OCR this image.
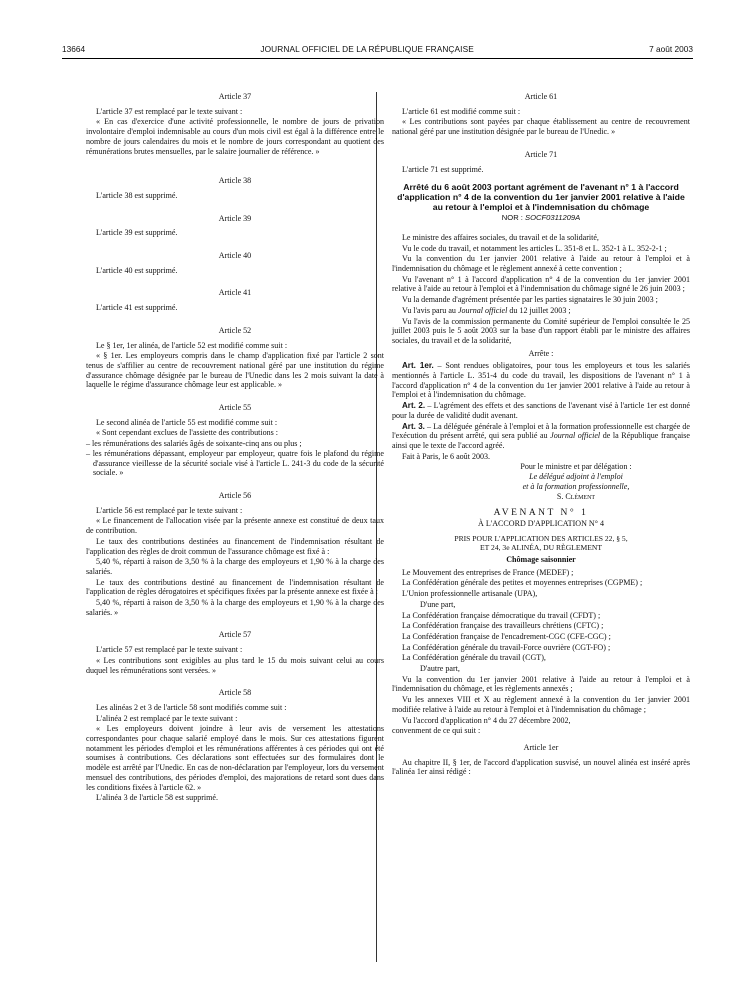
13664	JOURNAL OFFICIEL DE LA RÉPUBLIQUE FRANÇAISE	7 août 2003
Article 37

L'article 37 est remplacé par le texte suivant :

« En cas d'exercice d'une activité professionnelle, le nombre de jours de privation involontaire d'emploi indemnisable au cours d'un mois civil est égal à la différence entre le nombre de jours calendaires du mois et le nombre de jours correspondant au quotient des rémunérations brutes mensuelles, par le salaire journalier de référence. »

Article 38

L'article 38 est supprimé.

Article 39

L'article 39 est supprimé.

Article 40

L'article 40 est supprimé.

Article 41

L'article 41 est supprimé.

Article 52

Le § 1er, 1er alinéa, de l'article 52 est modifié comme suit :

« § 1er. Les employeurs compris dans le champ d'application fixé par l'article 2 sont tenus de s'affilier au centre de recouvrement national géré par une institution du régime d'assurance chômage désignée par le bureau de l'Unedic dans les 2 mois suivant la date à laquelle le régime d'assurance chômage leur est applicable. »

Article 55

Le second alinéa de l'article 55 est modifié comme suit :

« Sont cependant exclues de l'assiette des contributions :

– les rémunérations des salariés âgés de soixante-cinq ans ou plus ;
– les rémunérations dépassant, employeur par employeur, quatre fois le plafond du régime d'assurance vieillesse de la sécurité sociale visé à l'article L. 241-3 du code de la sécurité sociale. »
Article 56

L'article 56 est remplacé par le texte suivant :

« Le financement de l'allocation visée par la présente annexe est constitué de deux taux de contribution.

Le taux des contributions destinées au financement de l'indemnisation résultant de l'application des règles de droit commun de l'assurance chômage est fixé à :

5,40 %, réparti à raison de 3,50 % à la charge des employeurs et 1,90 % à la charge des salariés.

Le taux des contributions destiné au financement de l'indemnisation résultant de l'application de règles dérogatoires et spécifiques fixées par la présente annexe est fixée à :

5,40 %, réparti à raison de 3,50 % à la charge des employeurs et 1,90 % à la charge des salariés. »

Article 57

L'article 57 est remplacé par le texte suivant :

« Les contributions sont exigibles au plus tard le 15 du mois suivant celui au cours duquel les rémunérations sont versées. »

Article 58

Les alinéas 2 et 3 de l'article 58 sont modifiés comme suit :

L'alinéa 2 est remplacé par le texte suivant :

« Les employeurs doivent joindre à leur avis de versement les attestations correspondantes pour chaque salarié employé dans le mois. Sur ces attestations figurent notamment les périodes d'emploi et les rémunérations afférentes à ces périodes qui ont été soumises à contributions. Ces déclarations sont effectuées sur des formulaires dont le modèle est arrêté par l'Unedic. En cas de non-déclaration par l'employeur, lors du versement mensuel des contributions, des périodes d'emploi, des majorations de retard sont dues dans les conditions fixées à l'article 62. »

L'alinéa 3 de l'article 58 est supprimé.

Article 61

L'article 61 est modifié comme suit :

« Les contributions sont payées par chaque établissement au centre de recouvrement national géré par une institution désignée par le bureau de l'Unedic. »

Article 71

L'article 71 est supprimé.

Arrêté du 6 août 2003 portant agrément de l'avenant n° 1 à l'accord d'application n° 4 de la convention du 1er janvier 2001 relative à l'aide au retour à l'emploi et à l'indemnisation du chômage
NOR : SOCF0311209A

Le ministre des affaires sociales, du travail et de la solidarité,

Vu le code du travail, et notamment les articles L. 351-8 et L. 352-1 à L. 352-2-1 ;

Vu la convention du 1er janvier 2001 relative à l'aide au retour à l'emploi et à l'indemnisation du chômage et le règlement annexé à cette convention ;

Vu l'avenant n° 1 à l'accord d'application n° 4 de la convention du 1er janvier 2001 relative à l'aide au retour à l'emploi et à l'indemnisation du chômage signé le 26 juin 2003 ;

Vu la demande d'agrément présentée par les parties signataires le 30 juin 2003 ;

Vu l'avis paru au Journal officiel du 12 juillet 2003 ;

Vu l'avis de la commission permanente du Comité supérieur de l'emploi consultée le 25 juillet 2003 puis le 5 août 2003 sur la base d'un rapport établi par le ministre des affaires sociales, du travail et de la solidarité,

Arrête :

Art. 1er. – Sont rendues obligatoires, pour tous les employeurs et tous les salariés mentionnés à l'article L. 351-4 du code du travail, les dispositions de l'avenant n° 1 à l'accord d'application n° 4 de la convention du 1er janvier 2001 relative à l'aide au retour à l'emploi et à l'indemnisation du chômage.

Art. 2. – L'agrément des effets et des sanctions de l'avenant visé à l'article 1er est donné pour la durée de validité dudit avenant.

Art. 3. – La déléguée générale à l'emploi et à la formation professionnelle est chargée de l'exécution du présent arrêté, qui sera publié au Journal officiel de la République française ainsi que le texte de l'accord agréé.

Fait à Paris, le 6 août 2003.

Pour le ministre et par délégation :
Le délégué adjoint à l'emploi
et à la formation professionnelle,
S. Clément
AVENANT N° 1
À L'ACCORD D'APPLICATION N° 4
PRIS POUR L'APPLICATION DES ARTICLES 22, § 5,
ET 24, 3e ALINÉA, DU RÈGLEMENT
Chômage saisonnier

Le Mouvement des entreprises de France (MEDEF) ;

La Confédération générale des petites et moyennes entreprises (CGPME) ;

L'Union professionnelle artisanale (UPA),

D'une part,

La Confédération française démocratique du travail (CFDT) ;

La Confédération française des travailleurs chrétiens (CFTC) ;

La Confédération française de l'encadrement-CGC (CFE-CGC) ;

La Confédération générale du travail-Force ouvrière (CGT-FO) ;

La Confédération générale du travail (CGT),

D'autre part,

Vu la convention du 1er janvier 2001 relative à l'aide au retour à l'emploi et à l'indemnisation du chômage, et les règlements annexés ;

Vu les annexes VIII et X au règlement annexé à la convention du 1er janvier 2001 modifiée relative à l'aide au retour à l'emploi et à l'indemnisation du chômage ;

Vu l'accord d'application n° 4 du 27 décembre 2002,

convenment de ce qui suit :

Article 1er

Au chapitre II, § 1er, de l'accord d'application susvisé, un nouvel alinéa est inséré après l'alinéa 1er ainsi rédigé :
